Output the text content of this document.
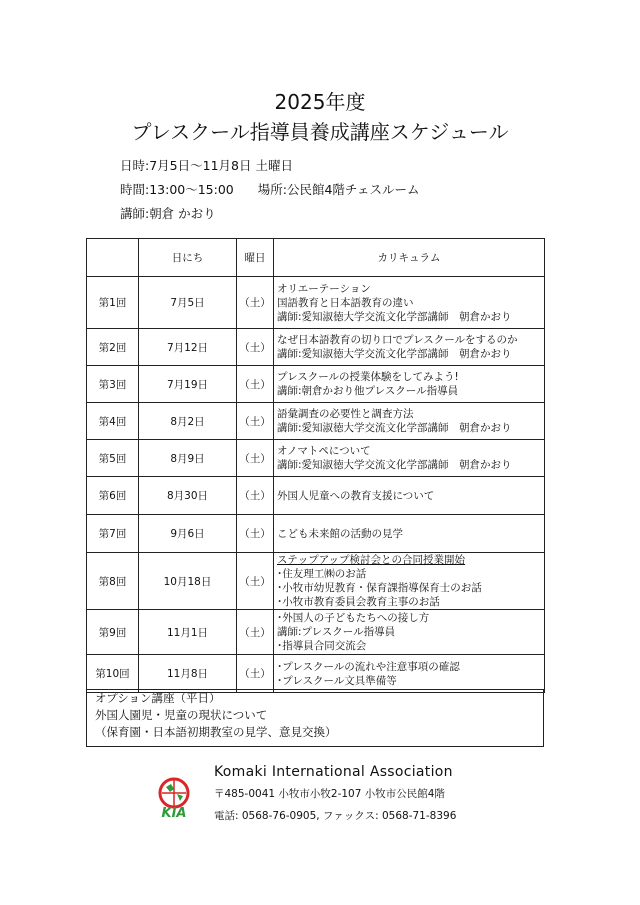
2025年度
プレスクール指導員養成講座スケジュール
日時:7月5日～11月8日 土曜日
時間:13:00～15:00 場所:公民館4階チェスルーム
講師:朝倉 かおり
	日にち	曜日	カリキュラム
第1回	7月5日	（土）	オリエーテーション
国語教育と日本語教育の違い
講師:愛知淑徳大学交流文化学部講師　朝倉かおり

第2回	7月12日	（土）	なぜ日本語教育の切り口でプレスクールをするのか
講師:愛知淑徳大学交流文化学部講師　朝倉かおり

第3回	7月19日	（土）	プレスクールの授業体験をしてみよう!
講師:朝倉かおり他プレスクール指導員

第4回	8月2日	（土）	語彙調査の必要性と調査方法
講師:愛知淑徳大学交流文化学部講師　朝倉かおり

第5回	8月9日	（土）	オノマトペについて
講師:愛知淑徳大学交流文化学部講師　朝倉かおり

第6回	8月30日	（土）	外国人児童への教育支援について

第7回	9月6日	（土）	こども未来館の活動の見学

第8回	10月18日	（土）	ステップアップ検討会との合同授業開始
･住友理工㈱のお話
･小牧市幼児教育・保育課指導保育士のお話
･小牧市教育委員会教育主事のお話

第9回	11月1日	（土）	･外国人の子どもたちへの接し方
講師:プレスクール指導員
･指導員合同交流会

第10回	11月8日	（土）	･プレスクールの流れや注意事項の確認
･プレスクール文具準備等
オプション講座（平日）
外国人園児・児童の現状について
（保育園・日本語初期教室の見学、意見交換）
KIA
Komaki International Association
〒485-0041 小牧市小牧2-107 小牧市公民館4階
電話: 0568-76-0905, ファックス: 0568-71-8396
